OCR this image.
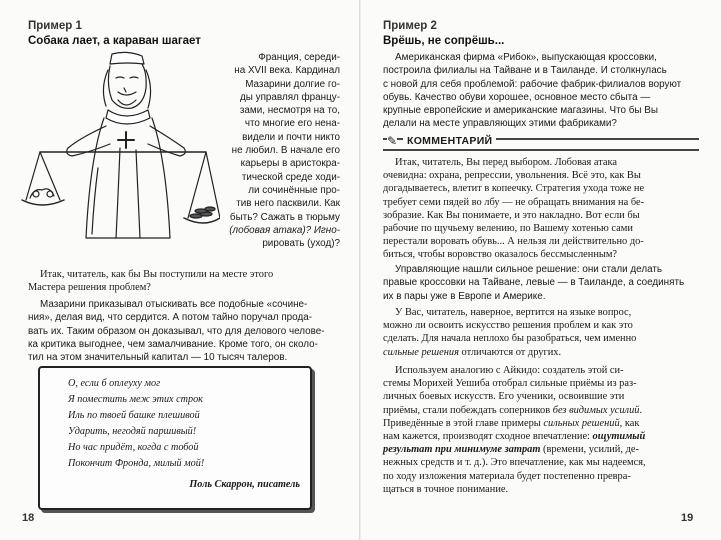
Пример 1
Собака лает, а караван шагает
Франция, середи-
на XVII века. Кардинал
Мазарини долгие го-
ды управлял францу-
зами, несмотря на то,
что многие его нена-
видели и почти никто
не любил. В начале его
карьеры в аристокра-
тической среде ходи-
ли сочинённые про-
тив него пасквили. Как
быть? Сажать в тюрьму
(лобовая атака)? Игно-
рировать (уход)?
Итак, читатель, как бы Вы поступили на месте этого
Мастера решения проблем?
Мазарини приказывал отыскивать все подобные «сочине-
ния», делая вид, что сердится. А потом тайно поручал прода-
вать их. Таким образом он доказывал, что для делового челове-
ка критика выгоднее, чем замалчивание. Кроме того, он сколо-
тил на этом значительный капитал — 10 тысяч талеров.
О, если б оплеуху мог
Я поместить меж этих строк
Иль по твоей башке плешивой
Ударить, негодяй паршивый!
Но час придёт, когда с тобой
Покончит Фронда, милый мой!
Поль Скаррон, писатель
18
Пример 2
Врёшь, не сопрёшь...
Американская фирма «Рибок», выпускающая кроссовки,
построила филиалы на Тайване и в Таиланде. И столкнулась
с новой для себя проблемой: рабочие фабрик-филиалов воруют
обувь. Качество обуви хорошее, основное место сбыта —
крупные европейские и американские магазины. Что бы Вы
делали на месте управляющих этими фабриками?
✎ КОММЕНТАРИЙ
Итак, читатель, Вы перед выбором. Лобовая атака
очевидна: охрана, репрессии, увольнения. Всё это, как Вы
догадываетесь, влетит в копеечку. Стратегия ухода тоже не
требует семи пядей во лбу — не обращать внимания на бе-
зобразие. Как Вы понимаете, и это накладно. Вот если бы
рабочие по щучьему велению, по Вашему хотенью сами
перестали воровать обувь... А нельзя ли действительно до-
биться, чтобы воровство оказалось бессмысленным?
Управляющие нашли сильное решение: они стали делать
правые кроссовки на Тайване, левые — в Таиланде, а соединять
их в пары уже в Европе и Америке.
У Вас, читатель, наверное, вертится на языке вопрос,
можно ли освоить искусство решения проблем и как это
сделать. Для начала неплохо бы разобраться, чем именно
сильные решения отличаются от других.
Используем аналогию с Айкидо: создатель этой си-
стемы Морихей Уешиба отобрал сильные приёмы из раз-
личных боевых искусств. Его ученики, освоившие эти
приёмы, стали побеждать соперников без видимых усилий.
Приведённые в этой главе примеры сильных решений, как
нам кажется, производят сходное впечатление: ощутимый
результат при минимуме затрат (времени, усилий, де-
нежных средств и т. д.). Это впечатление, как мы надеемся,
по ходу изложения материала будет постепенно превра-
щаться в точное понимание.
19
